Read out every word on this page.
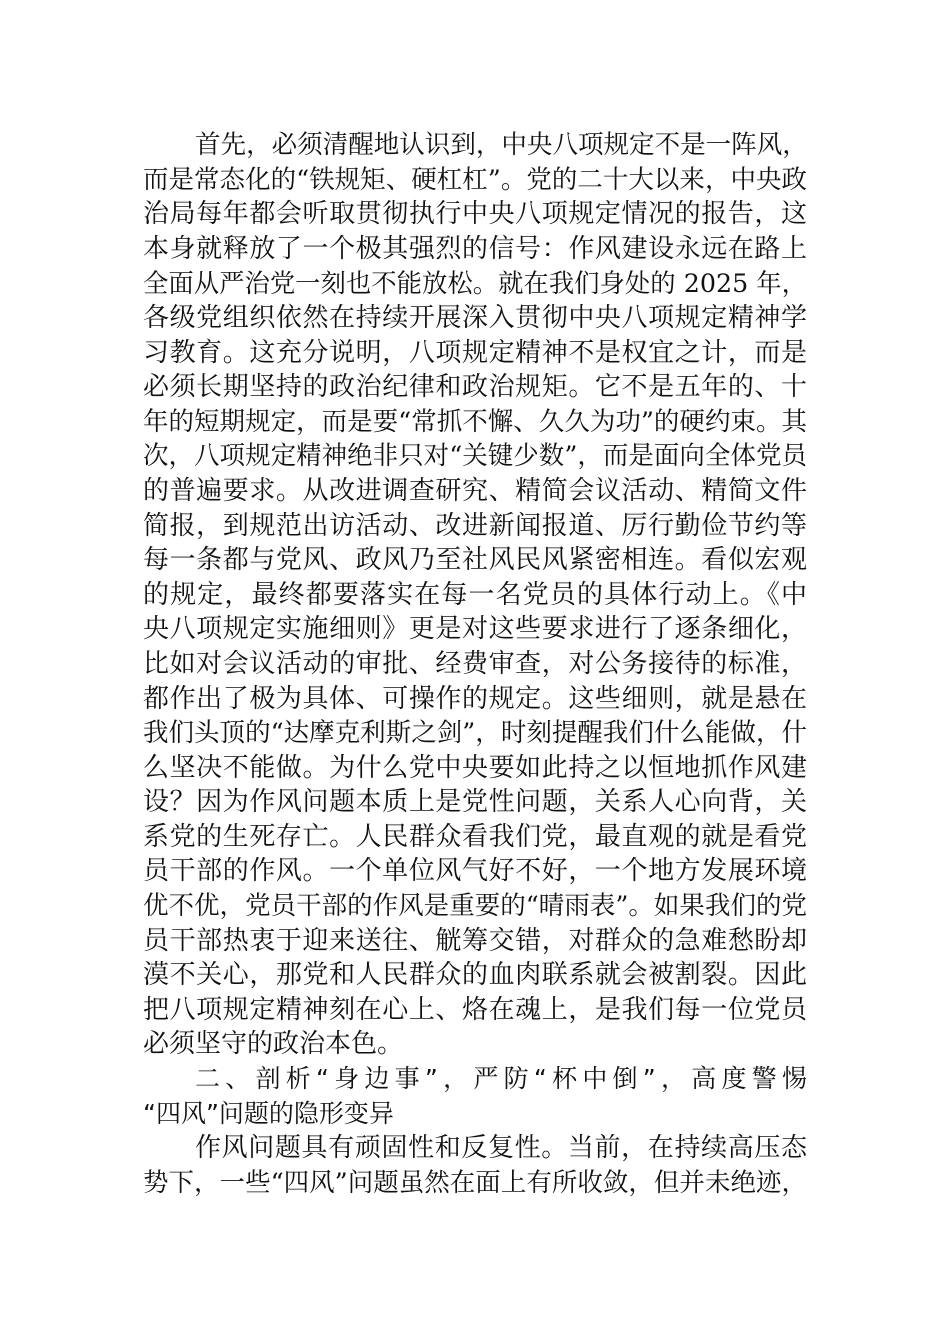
首先，必须清醒地认识到，中央八项规定不是一阵风，
而是常态化的“铁规矩、硬杠杠”。党的二十大以来，中央政
治局每年都会听取贯彻执行中央八项规定情况的报告，这
本身就释放了一个极其强烈的信号：作风建设永远在路上
全面从严治党一刻也不能放松。就在我们身处的 2025 年，
各级党组织依然在持续开展深入贯彻中央八项规定精神学
习教育。这充分说明，八项规定精神不是权宜之计，而是
必须长期坚持的政治纪律和政治规矩。它不是五年的、十
年的短期规定，而是要“常抓不懈、久久为功”的硬约束。其
次，八项规定精神绝非只对“关键少数”，而是面向全体党员
的普遍要求。从改进调查研究、精简会议活动、精简文件
简报，到规范出访活动、改进新闻报道、厉行勤俭节约等
每一条都与党风、政风乃至社风民风紧密相连。看似宏观
的规定，最终都要落实在每一名党员的具体行动上。《中
央八项规定实施细则》更是对这些要求进行了逐条细化，
比如对会议活动的审批、经费审查，对公务接待的标准，
都作出了极为具体、可操作的规定。这些细则，就是悬在
我们头顶的“达摩克利斯之剑”，时刻提醒我们什么能做，什
么坚决不能做。为什么党中央要如此持之以恒地抓作风建
设？因为作风问题本质上是党性问题，关系人心向背，关
系党的生死存亡。人民群众看我们党，最直观的就是看党
员干部的作风。一个单位风气好不好，一个地方发展环境
优不优，党员干部的作风是重要的“晴雨表”。如果我们的党
员干部热衷于迎来送往、觥筹交错，对群众的急难愁盼却
漠不关心，那党和人民群众的血肉联系就会被割裂。因此
把八项规定精神刻在心上、烙在魂上，是我们每一位党员
必须坚守的政治本色。
二、剖析“身边事”，严防“杯中倒”，高度警惕
“四风”问题的隐形变异
作风问题具有顽固性和反复性。当前，在持续高压态
势下，一些“四风”问题虽然在面上有所收敛，但并未绝迹，
